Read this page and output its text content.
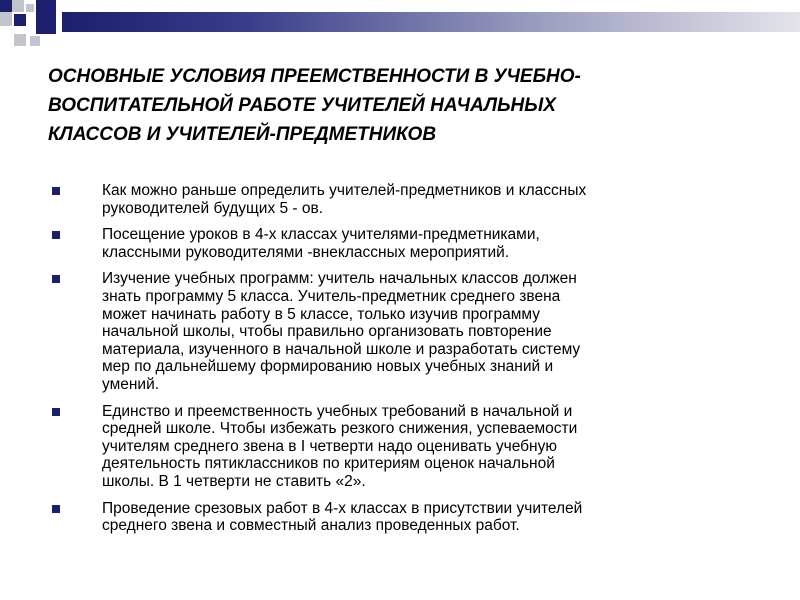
ОСНОВНЫЕ УСЛОВИЯ ПРЕЕМСТВЕННОСТИ В УЧЕБНО-
ВОСПИТАТЕЛЬНОЙ РАБОТЕ УЧИТЕЛЕЙ НАЧАЛЬНЫХ
КЛАССОВ И УЧИТЕЛЕЙ-ПРЕДМЕТНИКОВ
Как можно раньше определить учителей-предметников и классных
руководителей будущих 5 - ов.
Посещение уроков в 4-х классах учителями-предметниками,
классными руководителями -внеклассных мероприятий.
Изучение учебных программ: учитель начальных классов должен
знать программу 5 класса. Учитель-предметник среднего звена
может начинать работу в 5 классе, только изучив программу
начальной школы, чтобы правильно организовать повторение
материала, изученного в начальной школе и разработать систему
мер по дальнейшему формированию новых учебных знаний и
умений.
Единство и преемственность учебных требований в начальной и
средней школе. Чтобы избежать резкого снижения, успеваемости
учителям среднего звена в I четверти надо оценивать учебную
деятельность пятиклассников по критериям оценок начальной
школы. В 1 четверти не ставить «2».
Проведение срезовых работ в 4-х классах в присутствии учителей
среднего звена и совместный анализ проведенных работ.
